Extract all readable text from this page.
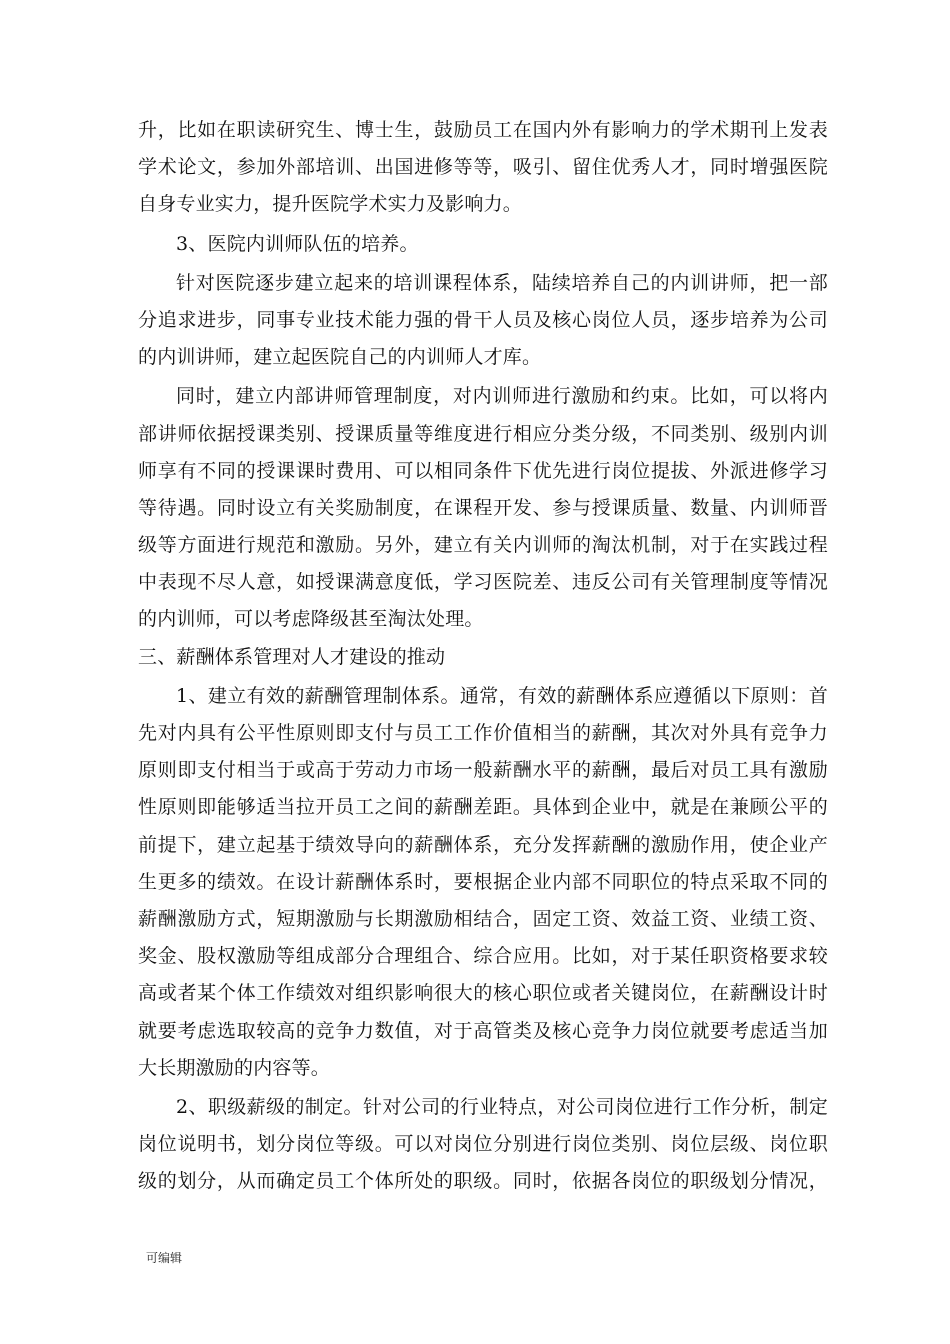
升，比如在职读研究生、博士生，鼓励员工在国内外有影响力的学术期刊上发表
学术论文，参加外部培训、出国进修等等，吸引、留住优秀人才，同时增强医院
自身专业实力，提升医院学术实力及影响力。
3、医院内训师队伍的培养。
针对医院逐步建立起来的培训课程体系，陆续培养自己的内训讲师，把一部
分追求进步，同事专业技术能力强的骨干人员及核心岗位人员，逐步培养为公司
的内训讲师，建立起医院自己的内训师人才库。
同时，建立内部讲师管理制度，对内训师进行激励和约束。比如，可以将内
部讲师依据授课类别、授课质量等维度进行相应分类分级，不同类别、级别内训
师享有不同的授课课时费用、可以相同条件下优先进行岗位提拔、外派进修学习
等待遇。同时设立有关奖励制度，在课程开发、参与授课质量、数量、内训师晋
级等方面进行规范和激励。另外，建立有关内训师的淘汰机制，对于在实践过程
中表现不尽人意，如授课满意度低，学习医院差、违反公司有关管理制度等情况
的内训师，可以考虑降级甚至淘汰处理。
三、薪酬体系管理对人才建设的推动
1、建立有效的薪酬管理制体系。通常，有效的薪酬体系应遵循以下原则：首
先对内具有公平性原则即支付与员工工作价值相当的薪酬，其次对外具有竞争力
原则即支付相当于或高于劳动力市场一般薪酬水平的薪酬，最后对员工具有激励
性原则即能够适当拉开员工之间的薪酬差距。具体到企业中，就是在兼顾公平的
前提下，建立起基于绩效导向的薪酬体系，充分发挥薪酬的激励作用，使企业产
生更多的绩效。在设计薪酬体系时，要根据企业内部不同职位的特点采取不同的
薪酬激励方式，短期激励与长期激励相结合，固定工资、效益工资、业绩工资、
奖金、股权激励等组成部分合理组合、综合应用。比如，对于某任职资格要求较
高或者某个体工作绩效对组织影响很大的核心职位或者关键岗位，在薪酬设计时
就要考虑选取较高的竞争力数值，对于高管类及核心竞争力岗位就要考虑适当加
大长期激励的内容等。
2、职级薪级的制定。针对公司的行业特点，对公司岗位进行工作分析，制定
岗位说明书，划分岗位等级。可以对岗位分别进行岗位类别、岗位层级、岗位职
级的划分，从而确定员工个体所处的职级。同时，依据各岗位的职级划分情况，
可编辑
